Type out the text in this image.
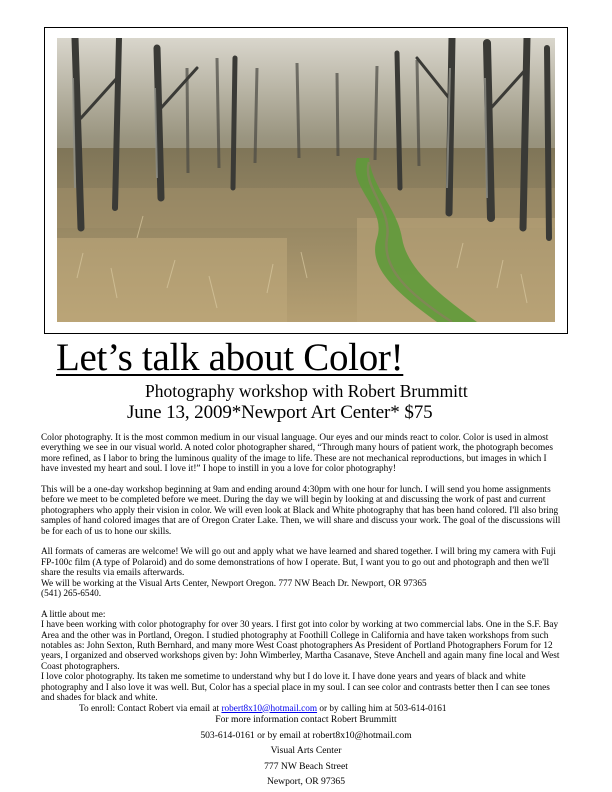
Let’s talk about Color!
Photography workshop with Robert Brummitt
June 13, 2009*Newport Art Center* $75

Color photography. It is the most common medium in our visual language. Our eyes and our minds react to color. Color is used in almost everything we see in our visual world. A noted color photographer shared, “Through many hours of patient work, the photograph becomes more refined, as I labor to bring the luminous quality of the image to life. These are not mechanical reproductions, but images in which I have invested my heart and soul. I love it!” I hope to instill in you a love for color photography!

This will be a one-day workshop beginning at 9am and ending around 4:30pm with one hour for lunch. I will send you home assignments before we meet to be completed before we meet. During the day we will begin by looking at and discussing the work of past and current photographers who apply their vision in color. We will even look at Black and White photography that has been hand colored. I'll also bring samples of hand colored images that are of Oregon Crater Lake. Then, we will share and discuss your work. The goal of the discussions will be for each of us to hone our skills.

All formats of cameras are welcome! We will go out and apply what we have learned and shared together. I will bring my camera with Fuji FP-100c film (A type of Polaroid) and do some demonstrations of how I operate. But, I want you to go out and photograph and then we'll share the results via emails afterwards.

We will be working at the Visual Arts Center, Newport Oregon. 777 NW Beach Dr. Newport, OR 97365

(541) 265-6540.

A little about me:

I have been working with color photography for over 30 years. I first got into color by working at two commercial labs. One in the S.F. Bay Area and the other was in Portland, Oregon. I studied photography at Foothill College in California and have taken workshops from such notables as: John Sexton, Ruth Bernhard, and many more West Coast photographers As President of Portland Photographers Forum for 12 years, I organized and observed workshops given by: John Wimberley, Martha Casanave, Steve Anchell and again many fine local and West Coast photographers.

I love color photography. Its taken me sometime to understand why but I do love it. I have done years and years of black and white photography and I also love it was well. But, Color has a special place in my soul. I can see color and contrasts better then I can see tones and shades for black and white.

To enroll: Contact Robert via email at robert8x10@hotmail.com or by calling him at 503-614-0161

For more information contact Robert Brummitt
503-614-0161 or by email at robert8x10@hotmail.com
Visual Arts Center
777 NW Beach Street
Newport, OR 97365
